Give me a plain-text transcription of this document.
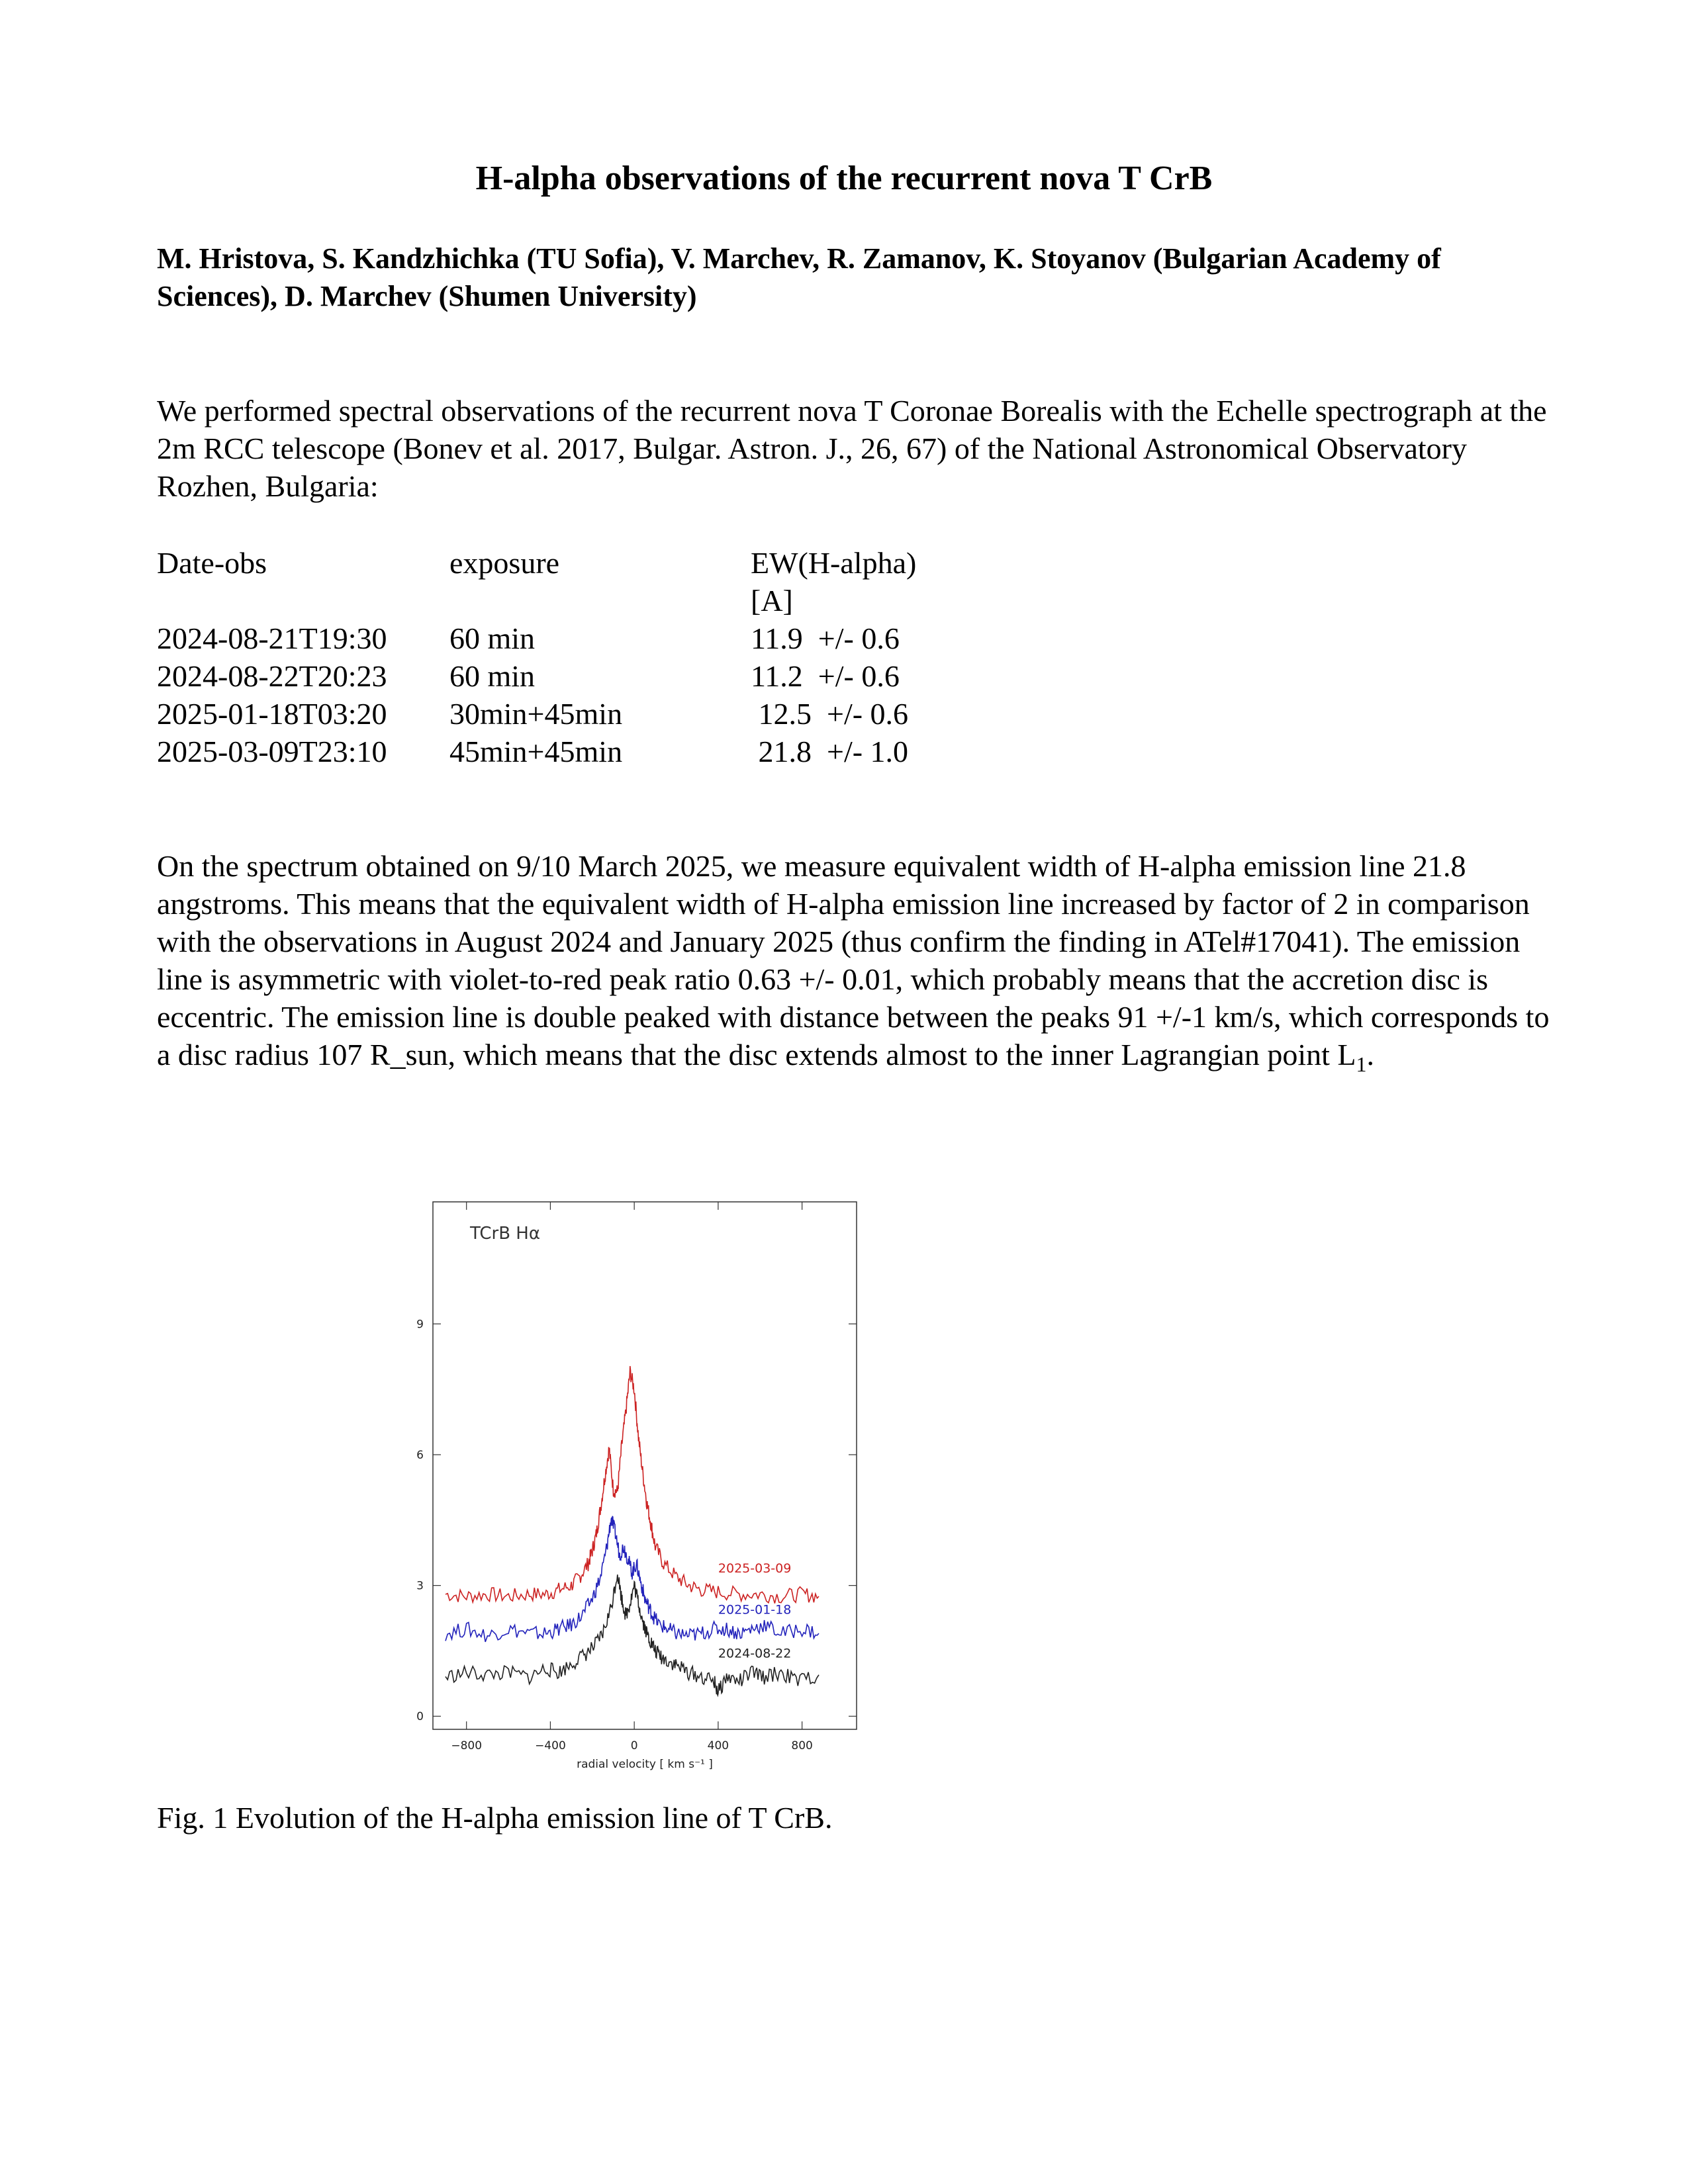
H-alpha observations of the recurrent nova T CrB

M. Hristova, S. Kandzhichka (TU Sofia), V. Marchev, R. Zamanov, K. Stoyanov (Bulgarian Academy of Sciences), D. Marchev (Shumen University)

We performed spectral observations of the recurrent nova T Coronae Borealis with the Echelle spectrograph at the 2m RCC telescope (Bonev et al. 2017, Bulgar. Astron. J., 26, 67) of the National Astronomical Observatory Rozhen, Bulgaria:

Date-obs	exposure	EW(H-alpha)
[A]

2024-08-21T19:30	60 min	11.9  +/- 0.6
2024-08-22T20:23	60 min	11.2  +/- 0.6
2025-01-18T03:20	30min+45min	12.5  +/- 0.6
2025-03-09T23:10	45min+45min	21.8  +/- 1.0

On the spectrum obtained on 9/10 March 2025, we measure equivalent width of H-alpha emission line 21.8 angstroms. This means that the equivalent width of H-alpha emission line increased by factor of 2 in comparison with the observations in August 2024 and January 2025 (thus confirm the finding in ATel#17041). The emission line is asymmetric with violet-to-red peak ratio 0.63 +/- 0.01, which probably means that the accretion disc is eccentric. The emission line is double peaked with distance between the peaks 91 +/-1 km/s, which corresponds to a disc radius 107 R_sun, which means that the disc extends almost to the inner Lagrangian point $L_1$.

−800	−400	0	400	800
0
3
6
9
TCrB Hα
radial velocity [ km s⁻¹ ]
2025-03-09
2025-01-18
2024-08-22

Fig. 1 Evolution of the H-alpha emission line of T CrB.
